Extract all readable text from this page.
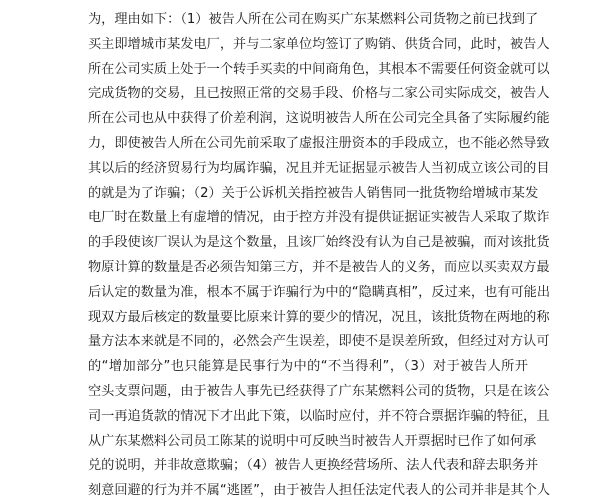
为，理由如下：（1）被告人所在公司在购买广东某燃料公司货物之前已找到了
买主即增城市某发电厂，并与二家单位均签订了购销、供货合同，此时，被告人
所在公司实质上处于一个转手买卖的中间商角色，其根本不需要任何资金就可以
完成货物的交易，且已按照正常的交易手段、价格与二家公司实际成交，被告人
所在公司也从中获得了价差利润，这说明被告人所在公司完全具备了实际履约能
力，即使被告人所在公司先前采取了虚报注册资本的手段成立，也不能必然导致
其以后的经济贸易行为均属诈骗，况且并无证据显示被告人当初成立该公司的目
的就是为了诈骗；（2）关于公诉机关指控被告人销售同一批货物给增城市某发
电厂时在数量上有虚增的情况，由于控方并没有提供证据证实被告人采取了欺诈
的手段使该厂误认为是这个数量，且该厂始终没有认为自己是被骗，而对该批货
物原计算的数量是否必须告知第三方，并不是被告人的义务，而应以买卖双方最
后认定的数量为准，根本不属于诈骗行为中的“隐瞒真相”，反过来，也有可能出
现双方最后核定的数量要比原来计算的要少的情况，况且，该批货物在两地的称
量方法本来就是不同的，必然会产生误差，即使不是误差所致，但经过对方认可
的“增加部分”也只能算是民事行为中的“不当得利”，（3）对于被告人所开
空头支票问题，由于被告人事先已经获得了广东某燃料公司的货物，只是在该公
司一再追货款的情况下才出此下策，以临时应付，并不符合票据诈骗的特征，且
从广东某燃料公司员工陈某的说明中可反映当时被告人开票据时已作了如何承
兑的说明，并非故意欺骗；（4）被告人更换经营场所、法人代表和辞去职务并
刻意回避的行为并不属“逃匿”，由于被告人担任法定代表人的公司并非是其个人
